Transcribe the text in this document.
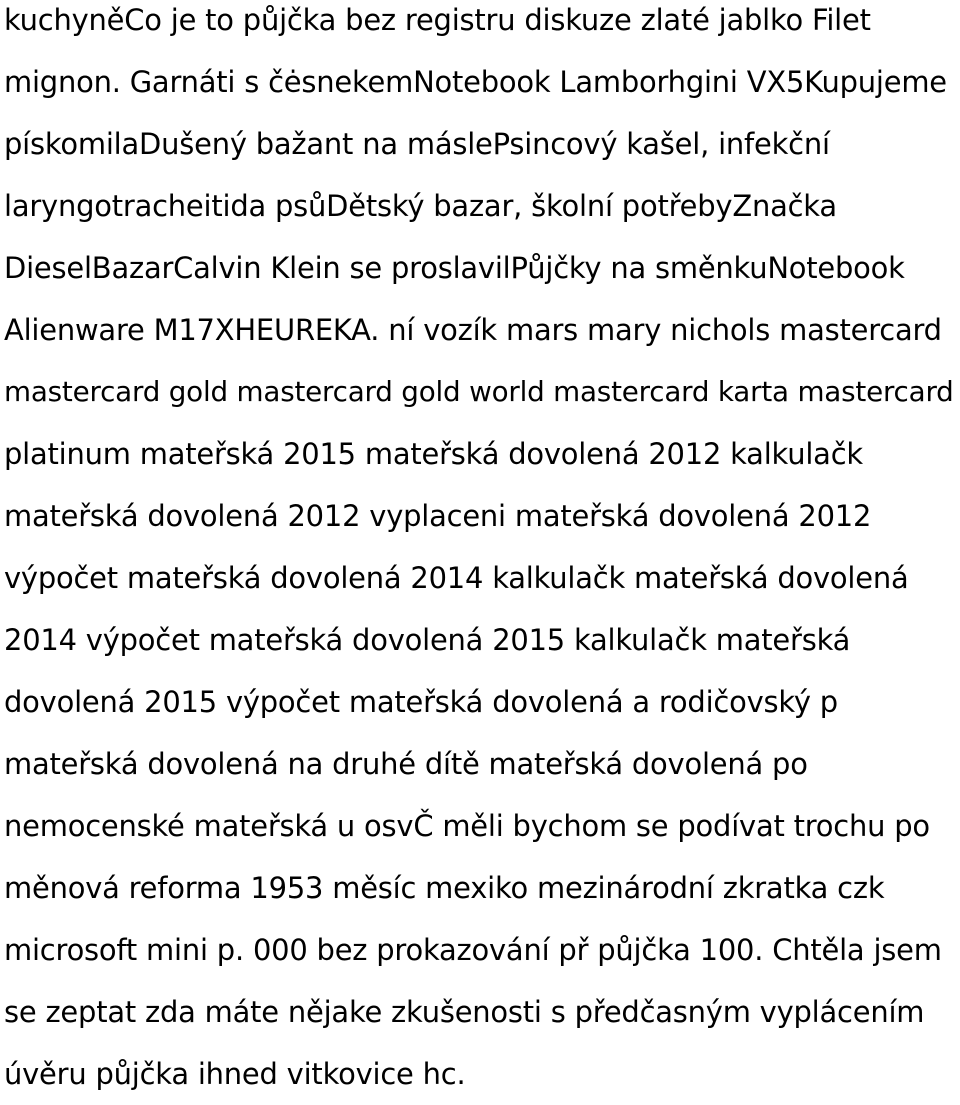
kuchyněCo je to půjčka bez registru diskuze zlaté jablko Filet
mignon. Garnáti s čėsnekemNotebook Lamborhgini VX5Kupujeme
pískomilaDušený bažant na máslePsincový kašel, infekční
laryngotracheitida psůDětský bazar, školní potřebyZnačka
DieselBazarCalvin Klein se proslavilPůjčky na směnkuNotebook
Alienware M17XHEUREKA. ní vozík mars mary nichols mastercard
mastercard gold mastercard gold world mastercard karta mastercard
platinum mateřská 2015 mateřská dovolená 2012 kalkulačk
mateřská dovolená 2012 vyplaceni mateřská dovolená 2012
výpočet mateřská dovolená 2014 kalkulačk mateřská dovolená
2014 výpočet mateřská dovolená 2015 kalkulačk mateřská
dovolená 2015 výpočet mateřská dovolená a rodičovský p
mateřská dovolená na druhé dítě mateřská dovolená po
nemocenské mateřská u osvČ měli bychom se podívat trochu po
měnová reforma 1953 měsíc mexiko mezinárodní zkratka czk
microsoft mini p. 000 bez prokazování př půjčka 100. Chtěla jsem
se zeptat zda máte nějake zkušenosti s předčasným vyplácením
úvěru půjčka ihned vitkovice hc.
